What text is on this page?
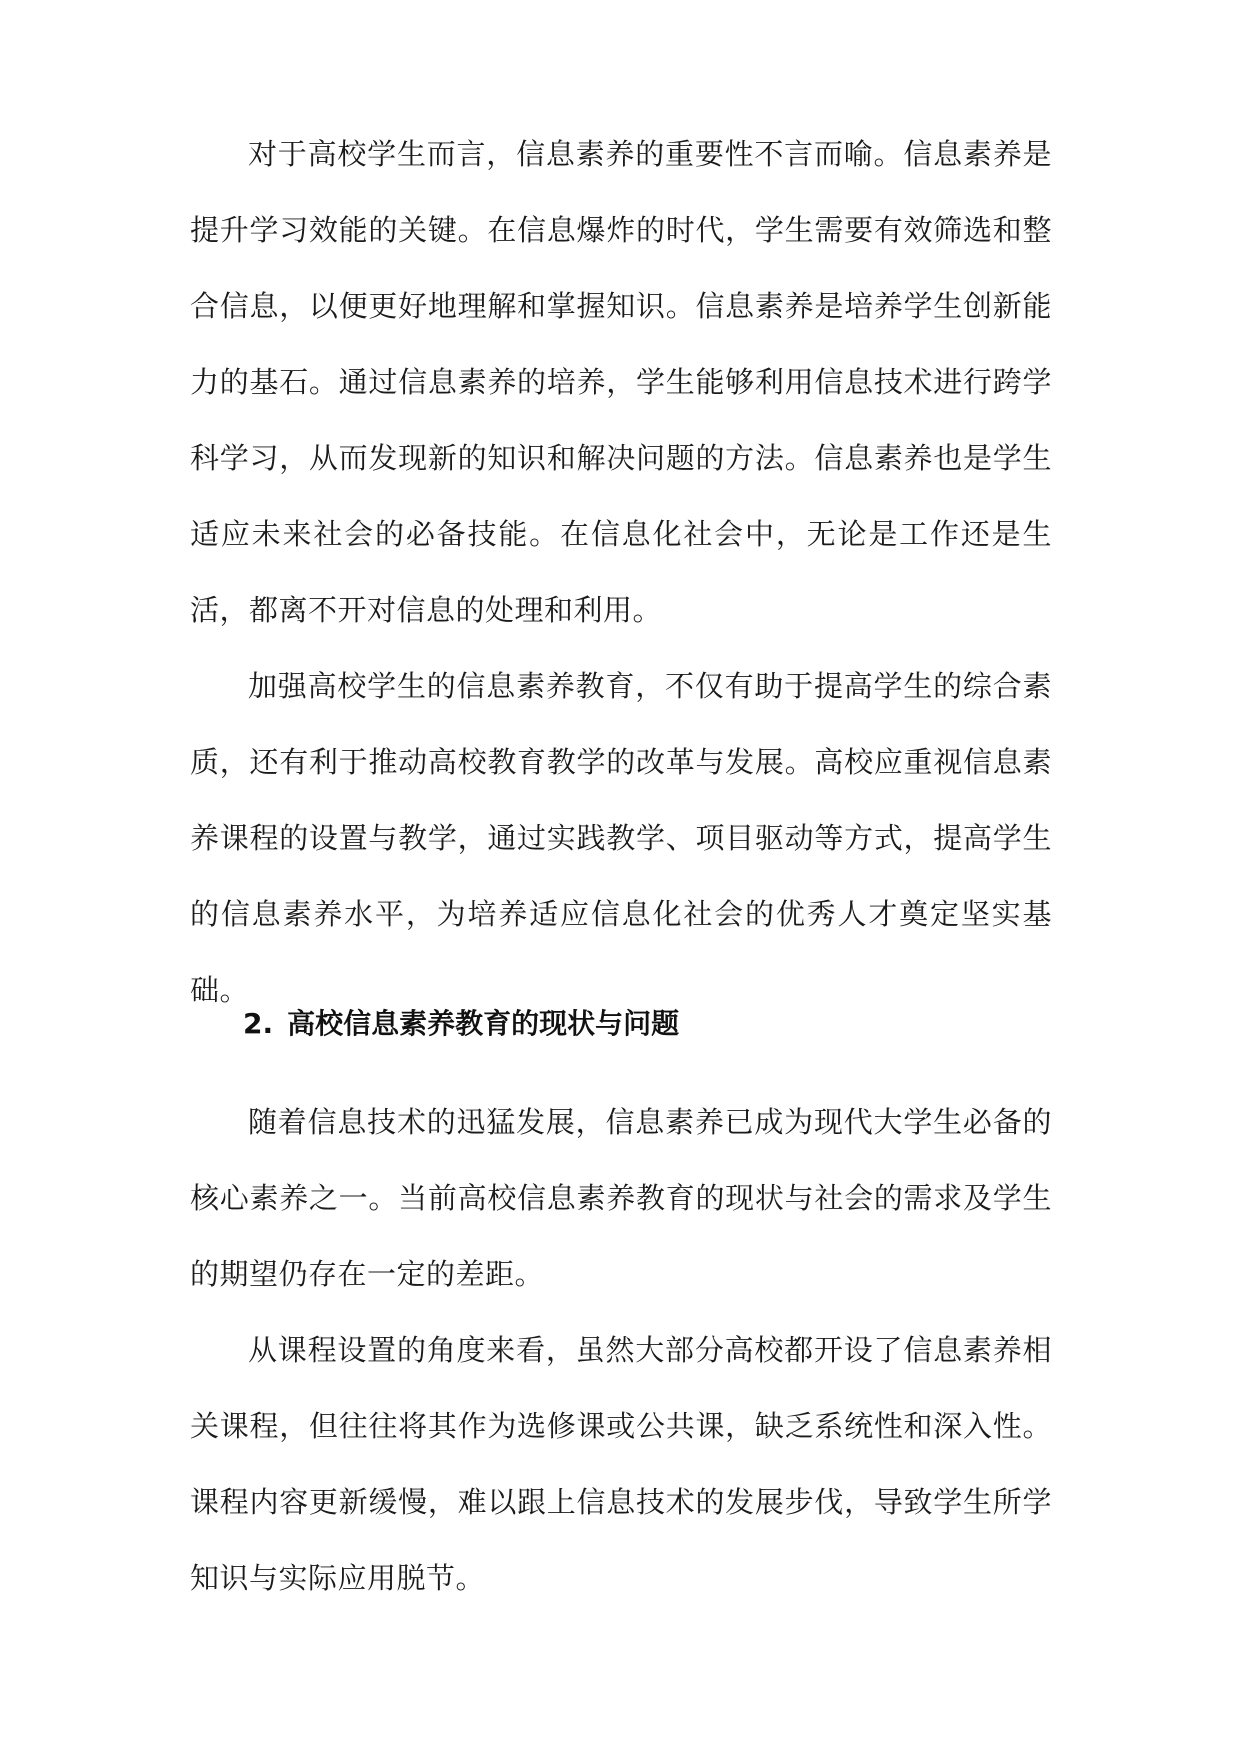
对于高校学生而言，信息素养的重要性不言而喻。信息素养是提升学习效能的关键。在信息爆炸的时代，学生需要有效筛选和整合信息，以便更好地理解和掌握知识。信息素养是培养学生创新能力的基石。通过信息素养的培养，学生能够利用信息技术进行跨学科学习，从而发现新的知识和解决问题的方法。信息素养也是学生适应未来社会的必备技能。在信息化社会中，无论是工作还是生活，都离不开对信息的处理和利用。

加强高校学生的信息素养教育，不仅有助于提高学生的综合素质，还有利于推动高校教育教学的改革与发展。高校应重视信息素养课程的设置与教学，通过实践教学、项目驱动等方式，提高学生的信息素养水平，为培养适应信息化社会的优秀人才奠定坚实基础。

2. 高校信息素养教育的现状与问题

随着信息技术的迅猛发展，信息素养已成为现代大学生必备的核心素养之一。当前高校信息素养教育的现状与社会的需求及学生的期望仍存在一定的差距。

从课程设置的角度来看，虽然大部分高校都开设了信息素养相关课程，但往往将其作为选修课或公共课，缺乏系统性和深入性。课程内容更新缓慢，难以跟上信息技术的发展步伐，导致学生所学知识与实际应用脱节。
